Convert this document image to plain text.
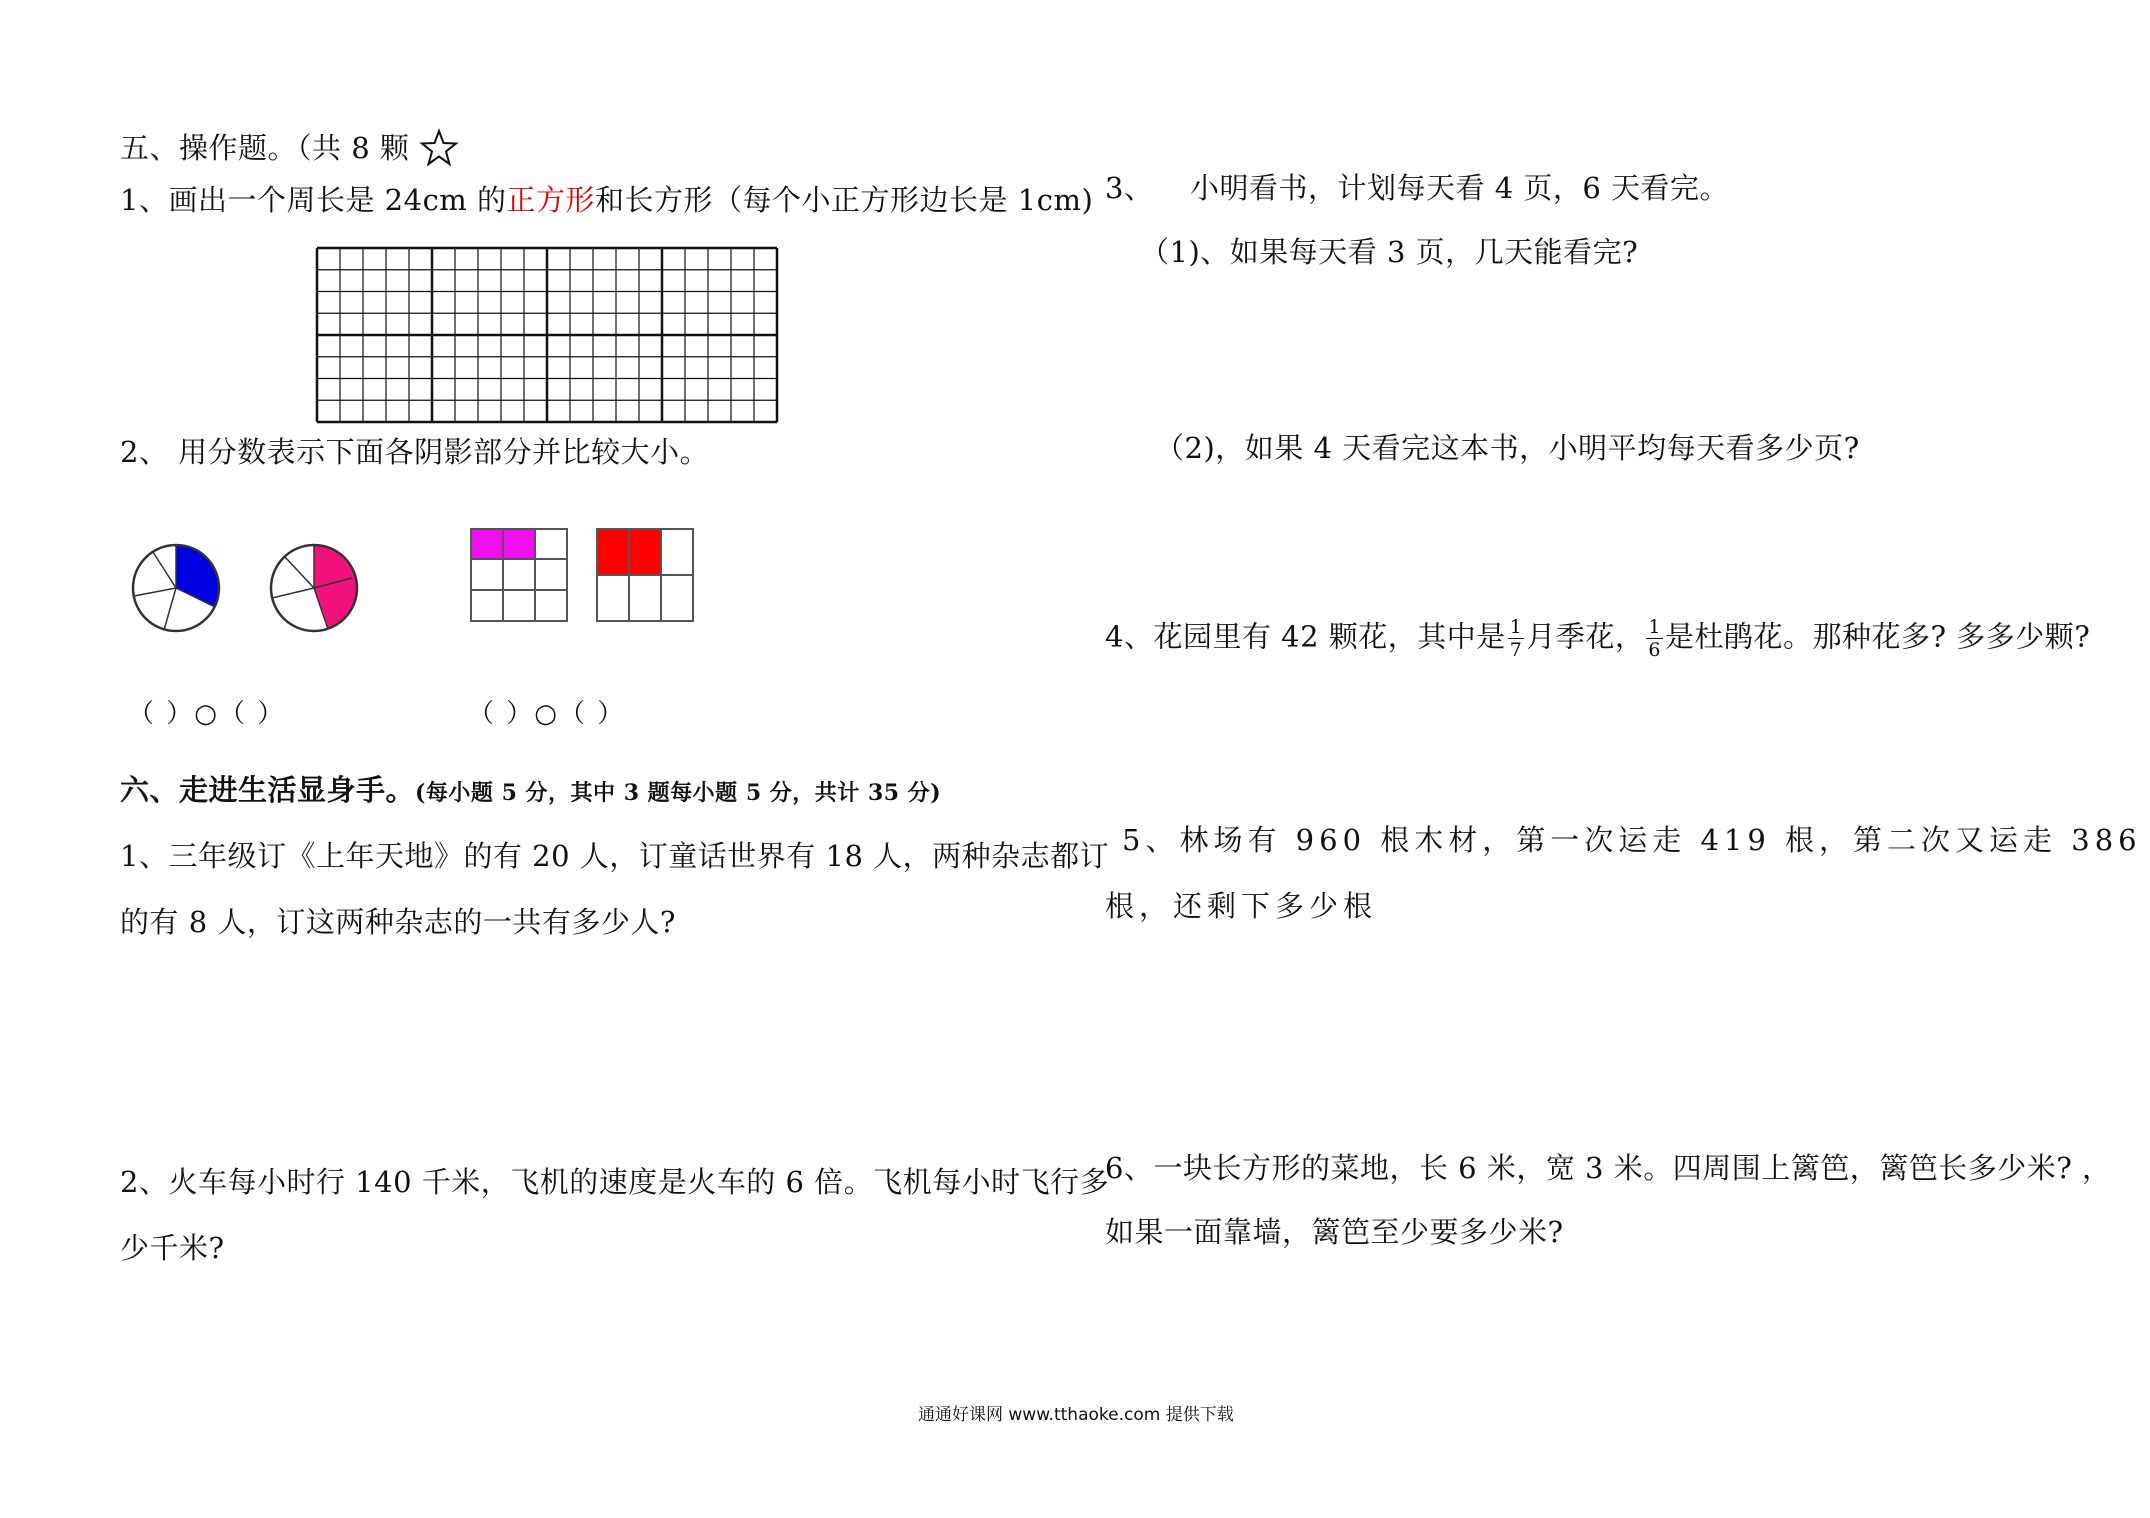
五、操作题。（共 8 颗
1、画出一个周长是 24cm 的正方形和长方形（每个小正方形边长是 1cm)
2、 用分数表示下面各阴影部分并比较大小。
（ ）○（ ）	（ ）○（ ）
六、走进生活显身手。(每小题 5 分，其中 3 题每小题 5 分，共计 35 分)
1、三年级订《上年天地》的有 20 人，订童话世界有 18 人，两种杂志都订
的有 8 人，订这两种杂志的一共有多少人?
2、火车每小时行 140 千米，飞机的速度是火车的 6 倍。飞机每小时飞行多
少千米?
3、 小明看书，计划每天看 4 页，6 天看完。
（1)、如果每天看 3 页，几天能看完?
（2)，如果 4 天看完这本书，小明平均每天看多少页?
4、花园里有 42 颗花，其中是 $\frac{1}{7}$ 月季花， $\frac{1}{6}$ 是杜鹃花。那种花多? 多多少颗?
5、林场有 960 根木材，第一次运走 419 根，第二次又运走 386
根，还剩下多少根
6、一块长方形的菜地，长 6 米，宽 3 米。四周围上篱笆，篱笆长多少米? ，
如果一面靠墙，篱笆至少要多少米?
通通好课网 www.tthaoke.com 提供下载
